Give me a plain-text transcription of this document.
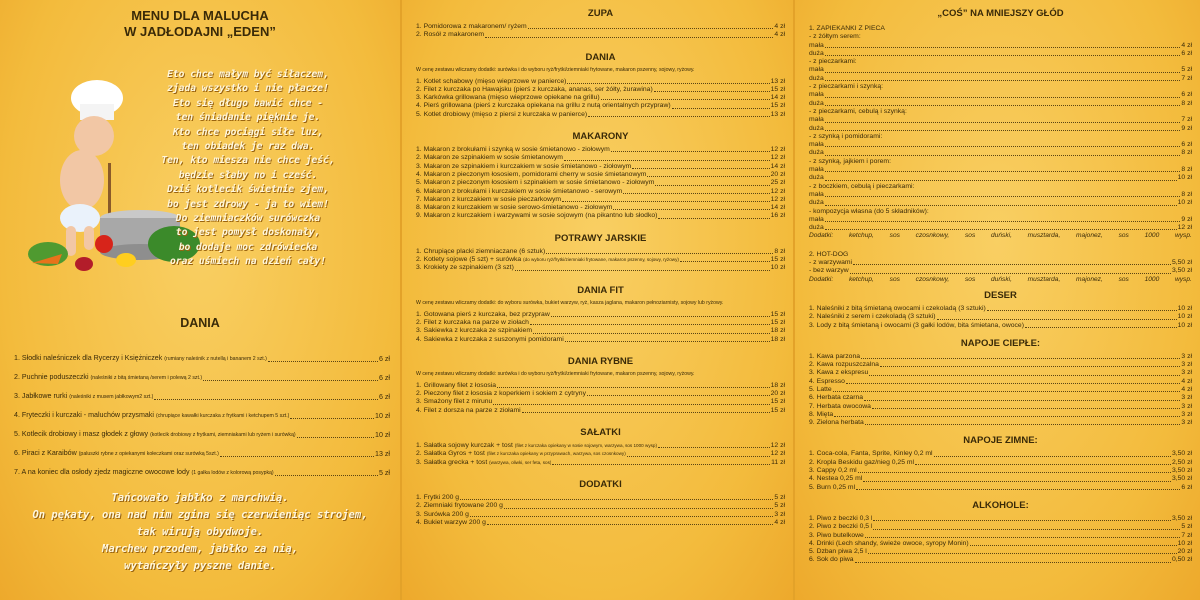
MENU DLA MALUCHA
W JADŁODAJNI „EDEN”
Eto chce małym być siłaczem,
zjada wszystko i nie płacze!
Eto się długo bawić chce -
ten śniadanie pięknie je.
Kto chce pociągi siłe luz,
ten obiadek je raz dwa.
Ten, kto miesza nie chce jeść,
będzie słaby no i cześć.
Dziś kotlecik świetnie zjem,
bo jest zdrowy - ja to wiem!
Do ziemniaczków surówczka
to jest pomysł doskonały,
bo dodaje moc zdrówiecka
oraz uśmiech na dzień cały!
DANIA
1. Słodki naleśniczek dla Rycerzy i Księżniczek (rumiany naleśnik z nutellą i bananem 2 szt.)	6 zł
2. Puchnie poduszeczki (naleśniki z bitą śmietaną /serem i polewą 2 szt.)	6 zł
3. Jabłkowe rurki (naleśniki z musem jabłkowym2 szt.)	6 zł
4. Fryteczki i kurczaki - maluchów przysmaki (chrupiące kawałki kurczaka z frytkami i ketchupem 5 szt.)	10 zł
5. Kotlecik drobiowy i masz głodek z głowy (kotlecik drobiowy z frytkami, ziemniakami lub ryżem i surówką)	10 zł
6. Piraci z Karaibów (paluszki rybne z opiekanymi kołeczkami oraz surówką 5szt.)	13 zł
7. A na koniec dla osłody zjedz magiczne owocowe lody (1 gałka lodów z kolorową posypką)	5 zł
Tańcowało jabłko z marchwią.
On pękaty, ona nad nim zgina się czerwieniąc strojem,
tak wirują obydwoje.
Marchew przodem, jabłko za nią,
wytańczyły pyszne danie.
ZUPA
1. Pomidorowa z makaronem/ ryżem	4 zł
2. Rosół z makaronem	4 zł
DANIA
W cenę zestawu wliczamy dodatki: surówka i do wyboru ryż/frytki/ziemniaki frytowane, makaron pszenny, sojowy, ryżowy.
1. Kotlet schabowy (mięso wieprzowe w panierce)	13 zł
2. Filet z kurczaka po Hawajsku (pierś z kurczaka, ananas, ser żółty, żurawina)	15 zł
3. Karkówka grillowana (mięso wieprzowe opiekane na grillu)	14 zł
4. Pierś grillowana (pierś z kurczaka opiekana na grillu z nutą orientalnych przypraw)	15 zł
5. Kotlet drobiowy (mięso z piersi z kurczaka w panierce)	13 zł
MAKARONY
1. Makaron z brokułami i szynką w sosie śmietanowo - ziołowym	12 zł
2. Makaron ze szpinakiem w sosie śmietanowym	12 zł
3. Makaron ze szpinakiem i kurczakiem w sosie śmietanowo - ziołowym	14 zł
4. Makaron z pieczonym łososiem, pomidorami cherry w sosie śmietanowym	20 zł
5. Makaron z pieczonym łososiem i szpinakiem w sosie śmietanowo - ziołowym	25 zł
6. Makaron z brokułami i kurczakiem w sosie śmietanowo - serowym	12 zł
7. Makaron z kurczakiem w sosie pieczarkowym	12 zł
8. Makaron z kurczakiem w sosie serowo-śmietanowo - ziołowym	14 zł
9. Makaron z kurczakiem i warzywami w sosie sojowym (na pikantno lub słodko)	16 zł
POTRAWY JARSKIE
1. Chrupiące placki ziemniaczane (6 sztuk)	8 zł
2. Kotlety sojowe (5 szt) + surówka (do wyboru ryż/frytki/ziemniaki frytowane, makaron pszenny, sojowy, ryżowy)	15 zł
3. Krokiety ze szpinakiem (3 szt)	10 zł
DANIA FIT
W cenę zestawu wliczamy dodatki: do wyboru surówka, bukiet warzyw, ryż, kasza jaglana, makaron pełnoziarnisty, sojowy lub ryżowy.
1. Gotowana pierś z kurczaka, bez przypraw	15 zł
2. Filet z kurczaka na parze w ziołach	15 zł
3. Sakiewka z kurczaka ze szpinakiem	18 zł
4. Sakiewka z kurczaka z suszonymi pomidorami	18 zł
DANIA RYBNE
W cenę zestawu wliczamy dodatki: surówka i do wyboru ryż/frytki/ziemniaki frytowane, makaron pszenny, sojowy, ryżowy.
1. Grillowany filet z łososia	18 zł
2. Pieczony filet z łososia z koperkiem i sokiem z cytryny	20 zł
3. Smażony filet z mirunu	15 zł
4. Filet z dorsza na parze z ziołami	15 zł
SAŁATKI
1. Sałatka sojowy kurczak + tost (filet z kurczaka opiekany w sosie sojowym, warzywa, sos 1000 wysp)	12 zł
2. Sałatka Gyros + tost (filet z kurczaka opiekany w przyprawach, warzywa, sos czosnkowy)	12 zł
3. Sałatka grecka + tost (warzywa, oliwki, ser feta, sos)	11 zł
DODATKI
1. Frytki 200 g	5 zł
2. Ziemniaki frytowane 200 g	5 zł
3. Surówka 200 g	3 zł
4. Bukiet warzyw 200 g	4 zł
„COŚ” NA MNIEJSZY GŁÓD
1. ZAPIEKANKI Z PIECA
- z żółtym serem:
mała	4 zł
duża	6 zł
- z pieczarkami:
mała	5 zł
duża	7 zł
- z pieczarkami i szynką:
mała	6 zł
duża	8 zł
- z pieczarkami, cebulą i szynką:
mała	7 zł
duża	9 zł
- z szynką i pomidorami:
mała	6 zł
duża	8 zł
- z szynką, jajkiem i porem:
mała	8 zł
duża	10 zł
- z boczkiem, cebulą i pieczarkami:
mała	8 zł
duża	10 zł
- kompozycja własna (do 5 składników):
mała	9 zł
duża	12 zł
Dodatki: ketchup, sos czosnkowy, sos duński, musztarda, majonez, sos 1000 wysp.
2. HOT-DOG
- z warzywami	5,50 zł
- bez warzyw	3,50 zł
Dodatki: ketchup, sos czosnkowy, sos duński, musztarda, majonez, sos 1000 wysp.
DESER
1. Naleśniki z bitą śmietaną owocami i czekoladą (3 sztuki)	10 zł
2. Naleśniki z serem i czekoladą (3 sztuki)	10 zł
3. Lody z bitą śmietaną i owocami (3 gałki lodów, bita śmietana, owoce)	10 zł
NAPOJE CIEPŁE:
1. Kawa parzona	3 zł
2. Kawa rozpuszczalna	3 zł
3. Kawa z ekspresu	3 zł
4. Espresso	4 zł
5. Latte	4 zł
6. Herbata czarna	3 zł
7. Herbata owocowa	3 zł
8. Mięta	3 zł
9. Zielona herbata	3 zł
NAPOJE ZIMNE:
1. Coca-cola, Fanta, Sprite, Kinley 0,2 ml	3,50 zł
2. Kropla Beskidu gaz/nieg 0,25 ml	2,50 zł
3. Cappy 0,2 ml	3,50 zł
4. Nestea 0,25 ml	3,50 zł
5. Burn 0,25 ml	6 zł
ALKOHOLE:
1. Piwo z beczki 0,3 l	3,50 zł
2. Piwo z beczki 0,5 l	5 zł
3. Piwo butelkowe	7 zł
4. Drinki (Lech shandy, świeże owoce, syropy Monin)	10 zł
5. Dzban piwa 2,5 l	20 zł
6. Sok do piwa	0,50 zł
